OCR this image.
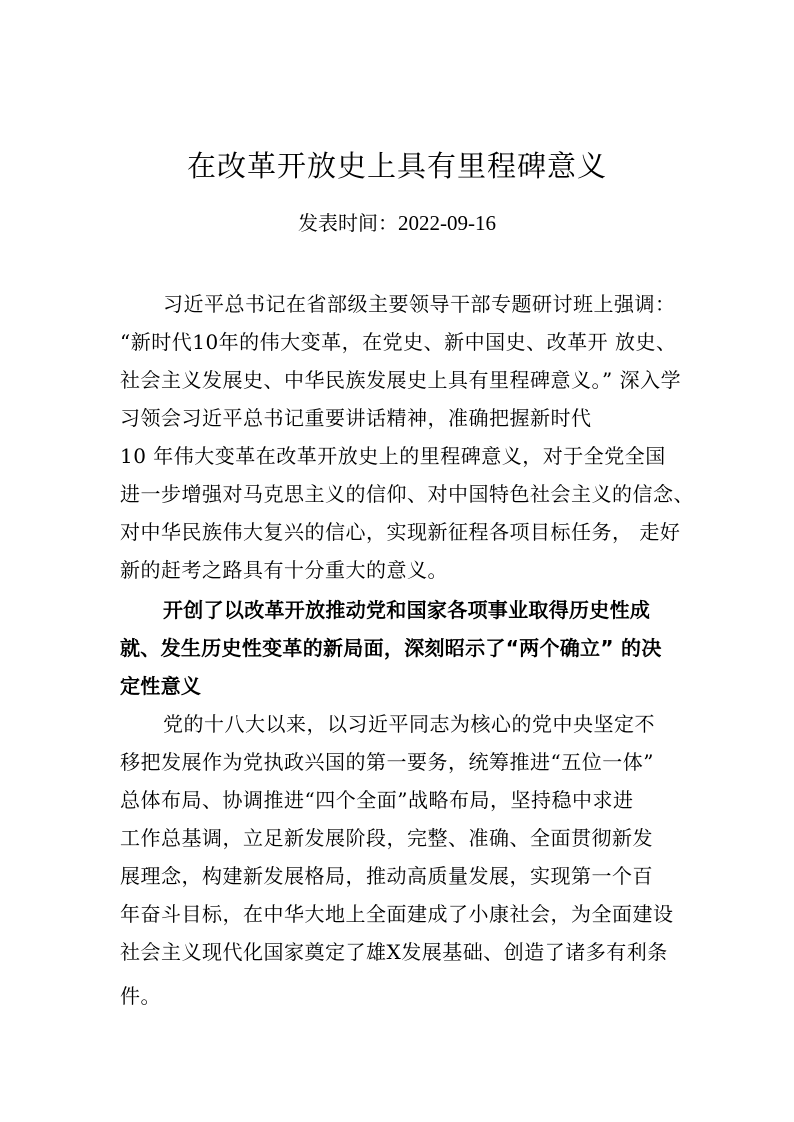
在改革开放史上具有里程碑意义
发表时间：2022-09-16
习近平总书记在省部级主要领导干部专题研讨班上强调：
“新时代10年的伟大变革，在党史、新中国史、改革开 放史、
社会主义发展史、中华民族发展史上具有里程碑意义。” 深入学
习领会习近平总书记重要讲话精神，准确把握新时代
10 年伟大变革在改革开放史上的里程碑意义，对于全党全国
进一步增强对马克思主义的信仰、对中国特色社会主义的信念、
对中华民族伟大复兴的信心，实现新征程各项目标任务， 走好
新的赶考之路具有十分重大的意义。
开创了以改革开放推动党和国家各项事业取得历史性成
就、发生历史性变革的新局面，深刻昭示了“两个确立” 的决
定性意义
党的十八大以来，以习近平同志为核心的党中央坚定不
移把发展作为党执政兴国的第一要务，统筹推进“五位一体”
总体布局、协调推进“四个全面”战略布局，坚持稳中求进
工作总基调，立足新发展阶段，完整、准确、全面贯彻新发
展理念，构建新发展格局，推动高质量发展，实现第一个百
年奋斗目标，在中华大地上全面建成了小康社会，为全面建设
社会主义现代化国家奠定了雄X发展基础、创造了诸多有利条
件。
